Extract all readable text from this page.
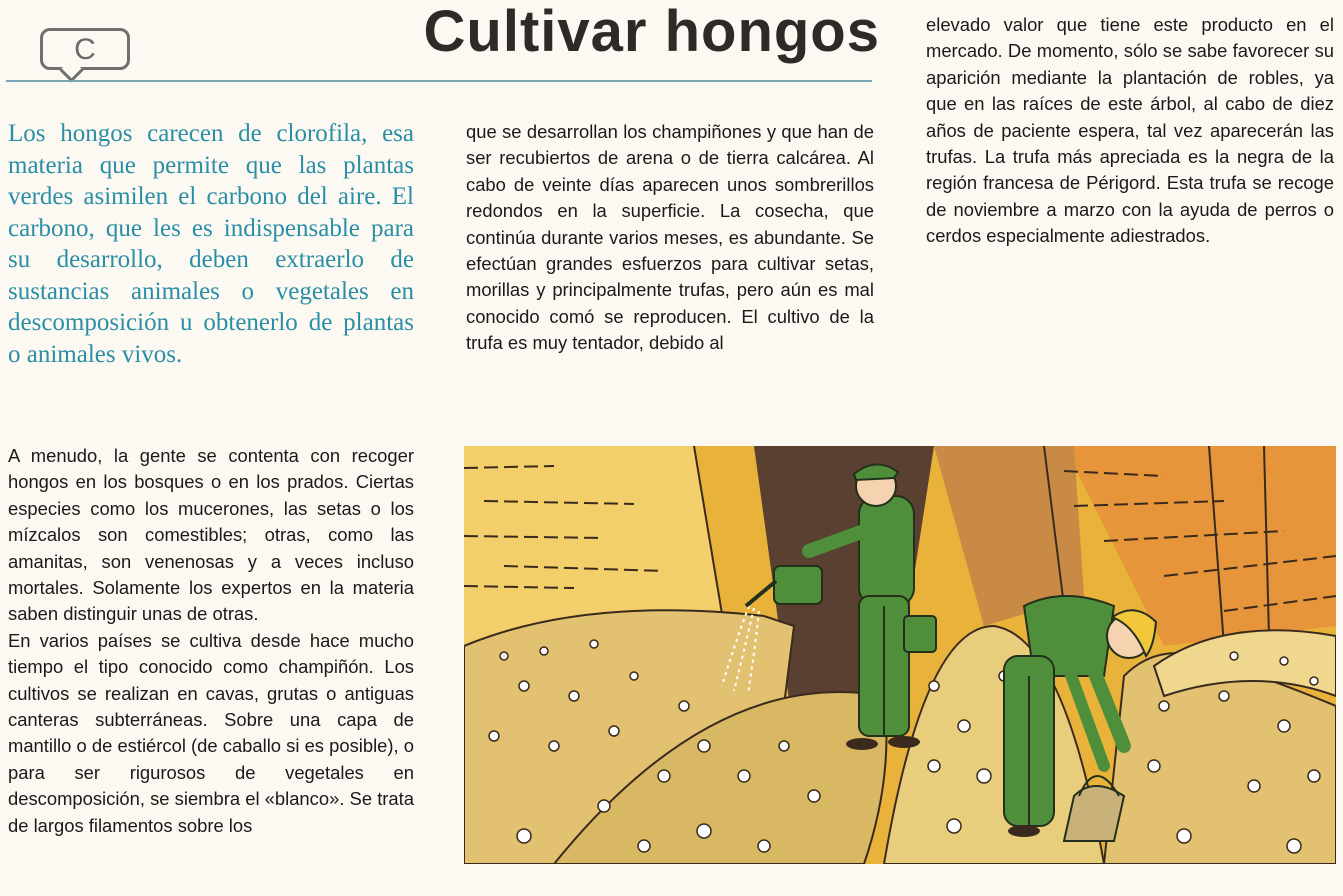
C	Cultivar hongos

Los hongos carecen de clorofila, esa materia que permite que las plantas verdes asimilen el carbono del aire. El carbono, que les es indispensable para su desarrollo, deben extraerlo de sustancias animales o vegetales en descomposición u obtenerlo de plantas o animales vivos.

A menudo, la gente se contenta con recoger hongos en los bosques o en los prados. Ciertas especies como los mucerones, las setas o los mízcalos son comestibles; otras, como las amanitas, son venenosas y a veces incluso mortales. Solamente los expertos en la materia saben distinguir unas de otras.

En varios países se cultiva desde hace mucho tiempo el tipo conocido como champiñón. Los cultivos se realizan en cavas, grutas o antiguas canteras subterráneas. Sobre una capa de mantillo o de estiércol (de caballo si es posible), o para ser rigurosos de vegetales en descomposición, se siembra el «blanco». Se trata de largos filamentos sobre los

que se desarrollan los champiñones y que han de ser recubiertos de arena o de tierra calcárea. Al cabo de veinte días aparecen unos sombrerillos redondos en la superficie. La cosecha, que continúa durante varios meses, es abundante. Se efectúan grandes esfuerzos para cultivar setas, morillas y principalmente trufas, pero aún es mal conocido comó se reproducen. El cultivo de la trufa es muy tentador, debido al

elevado valor que tiene este producto en el mercado. De momento, sólo se sabe favorecer su aparición mediante la plantación de robles, ya que en las raíces de este árbol, al cabo de diez años de paciente espera, tal vez aparecerán las trufas. La trufa más apreciada es la negra de la región francesa de Périgord. Esta trufa se recoge de noviembre a marzo con la ayuda de perros o cerdos especialmente adiestrados.
